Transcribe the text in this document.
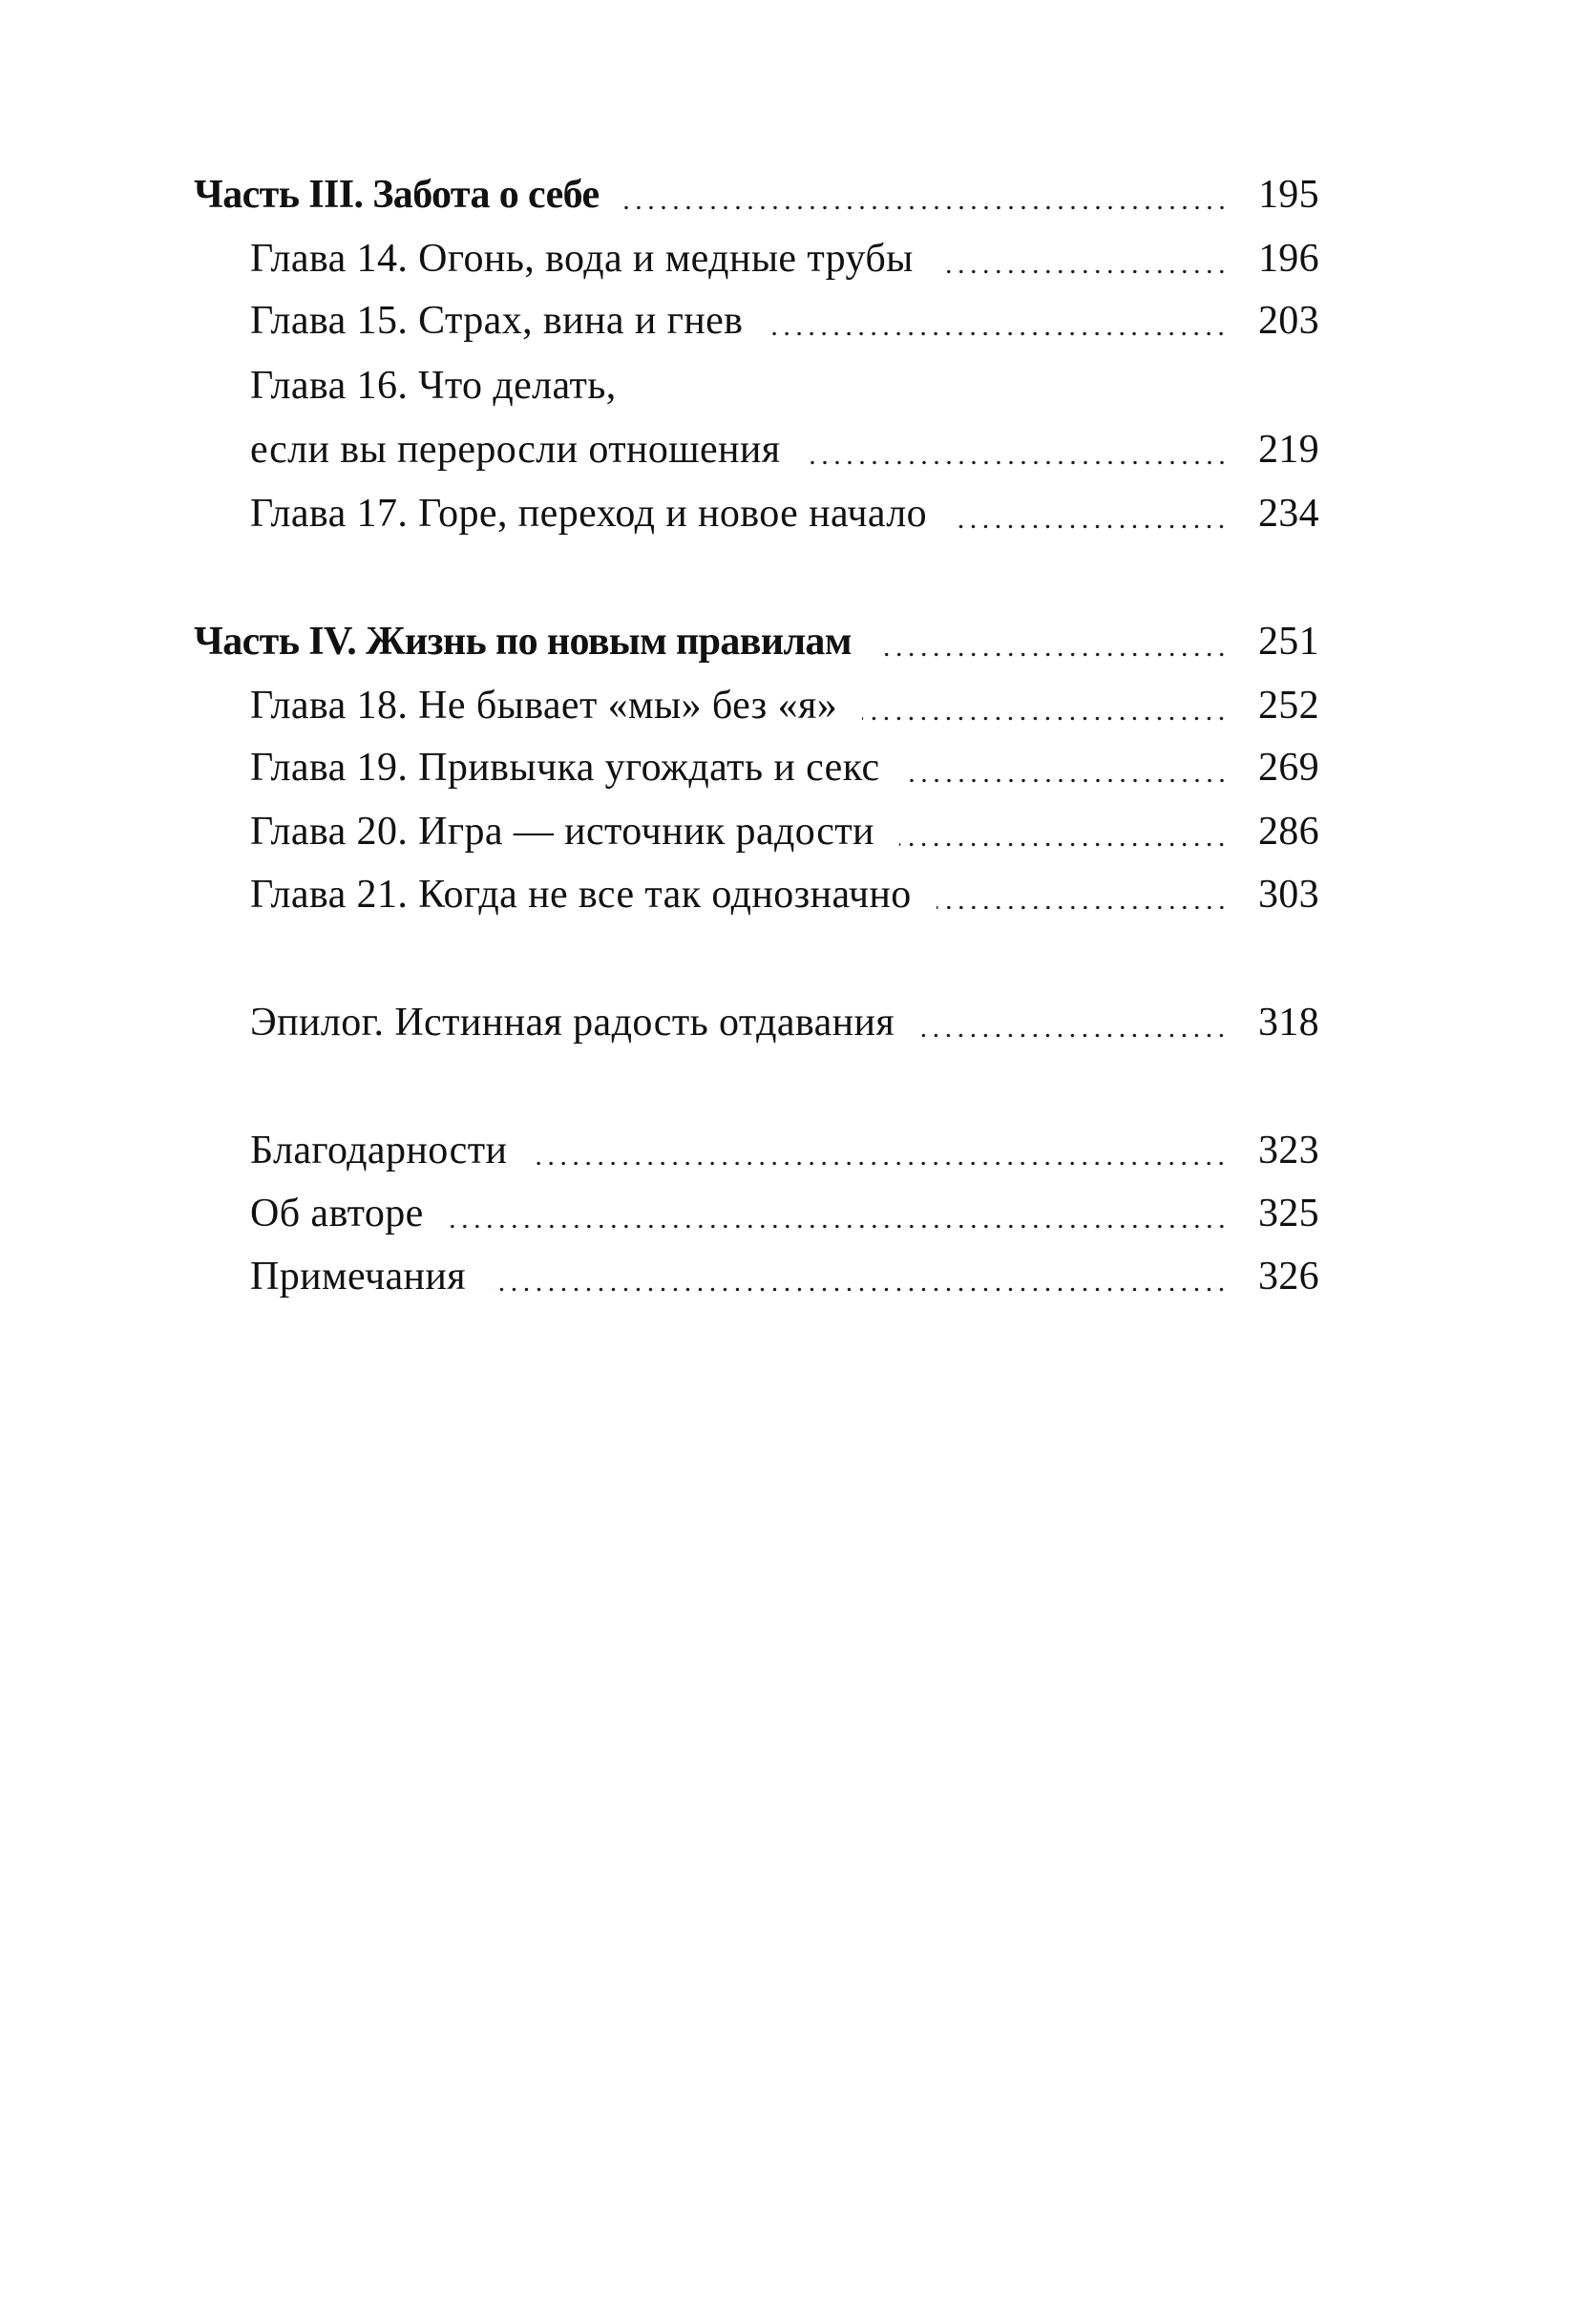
Часть III. Забота о себе	195
Глава 14. Огонь, вода и медные трубы	196
Глава 15. Страх, вина и гнев	203
Глава 16. Что делать,
если вы переросли отношения	219
Глава 17. Горе, переход и новое начало	234
Часть IV. Жизнь по новым правилам	251
Глава 18. Не бывает «мы» без «я»	252
Глава 19. Привычка угождать и секс	269
Глава 20. Игра — источник радости	286
Глава 21. Когда не все так однозначно	303
Эпилог. Истинная радость отдавания	318
Благодарности	323
Об авторе	325
Примечания	326
